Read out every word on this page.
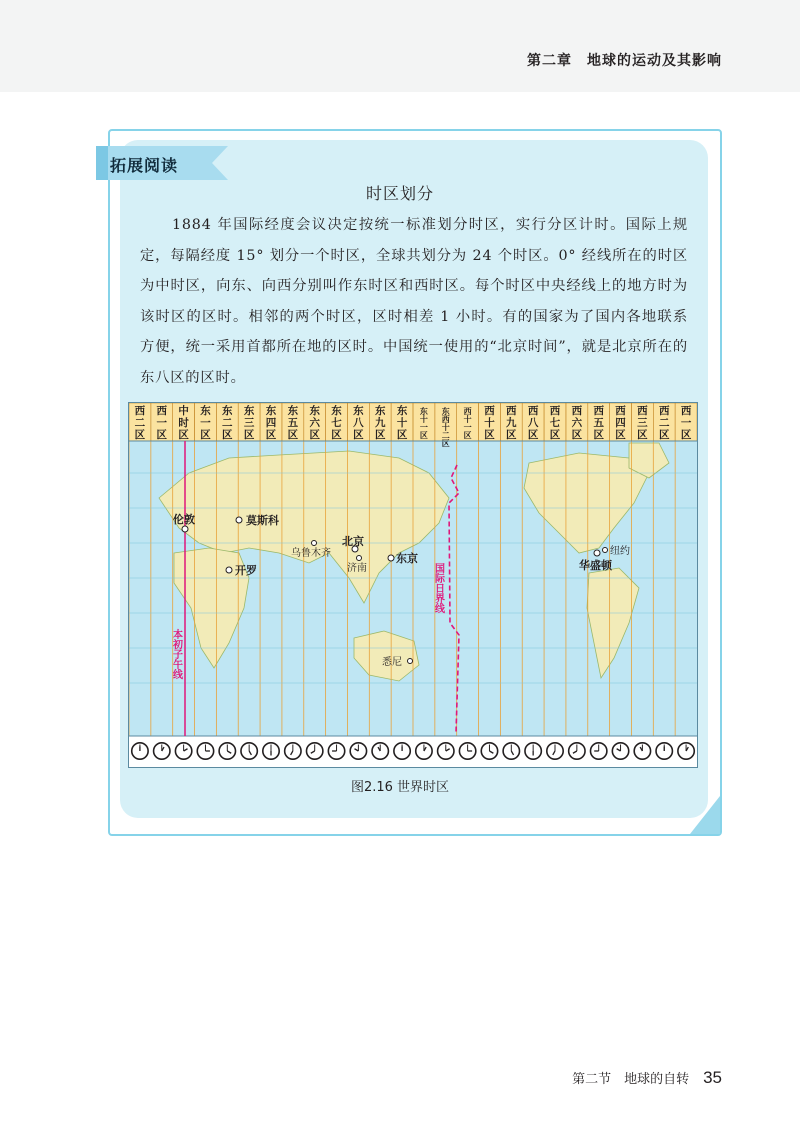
第二章　地球的运动及其影响
拓展阅读
时区划分
1884 年国际经度会议决定按统一标准划分时区，实行分区计时。国际上规定，每隔经度 15° 划分一个时区，全球共划分为 24 个时区。0° 经线所在的时区为中时区，向东、向西分别叫作东时区和西时区。每个时区中央经线上的地方时为该时区的区时。相邻的两个时区，区时相差 1 小时。有的国家为了国内各地联系方便，统一采用首都所在地的区时。中国统一使用的“北京时间”，就是北京所在的东八区的区时。
西二区
西一区
中时区
东一区
东二区
东三区
东四区
东五区
东六区
东七区
东八区
东九区
东十区
东十一区
东西十二区
西十一区
西十区
西九区
西八区
西七区
西六区
西五区
西四区
西三区
西二区
西一区
本初子午线
国际日界线
伦敦	莫斯科
开罗
乌鲁木齐
北京
济南
东京
悉尼
纽约
华盛顿
图2.16 世界时区
第二节　地球的自转 35
